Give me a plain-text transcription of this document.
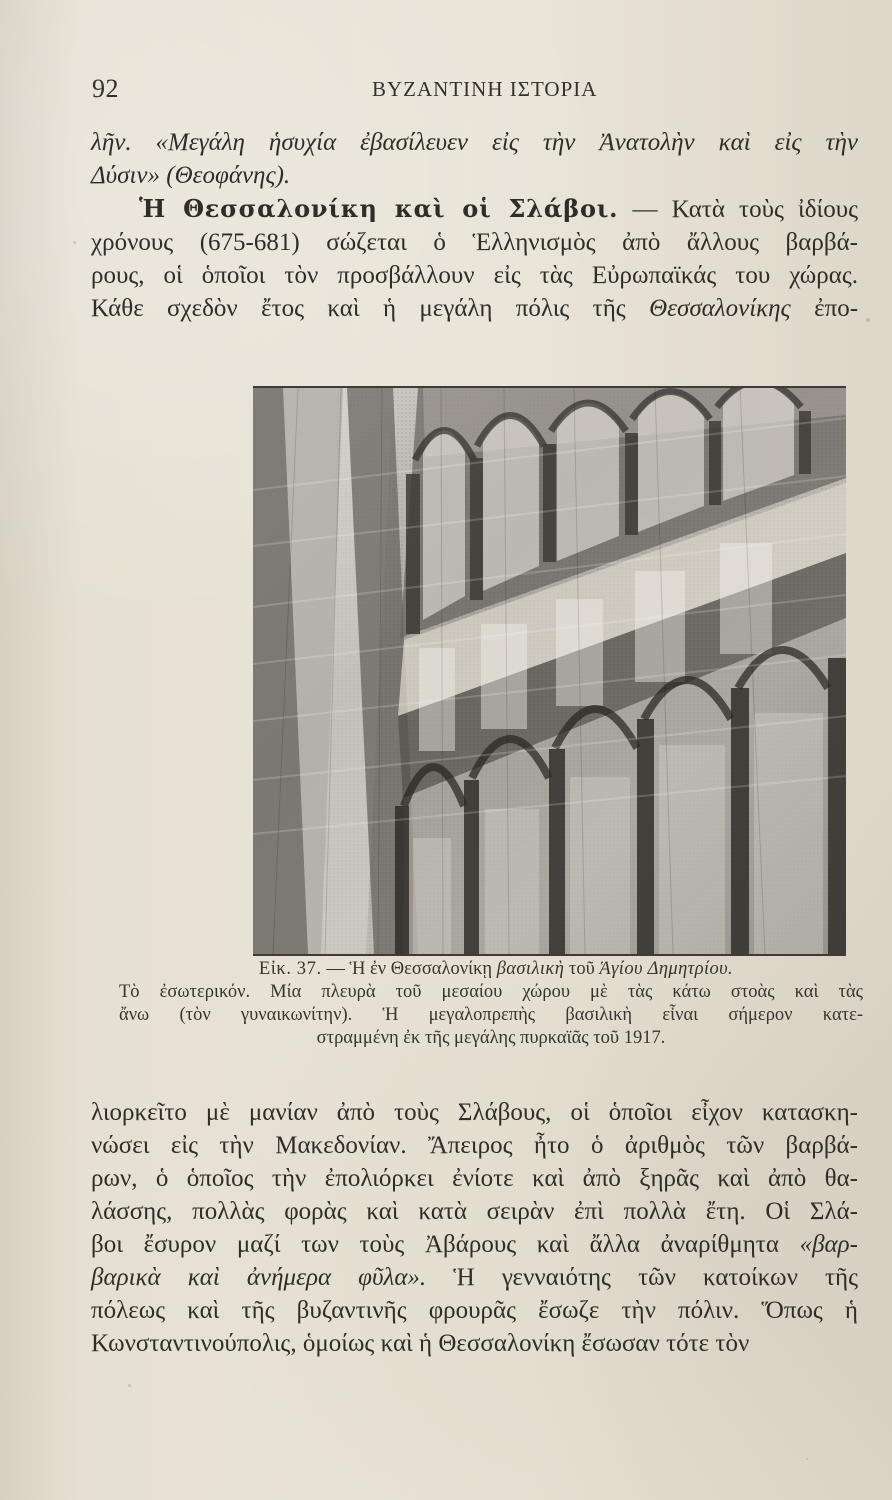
92	ΒΥΖΑΝΤΙΝΗ ΙΣΤΟΡΙΑ

λῆν. «Μεγάλη ἡσυχία ἐβασίλευεν εἰς τὴν Ἀνατολὴν καὶ εἰς τὴν

Δύσιν» (Θεοφάνης).

Ἡ Θεσσαλονίκη καὶ οἱ Σλάβοι. — Κατὰ τοὺς ἰδίους

χρόνους (675-681) σώζεται ὁ Ἑλληνισμὸς ἀπὸ ἄλλους βαρβά-

ρους, οἱ ὁποῖοι τὸν προσβάλλουν εἰς τὰς Εὐρωπαϊκάς του χώρας.

Κάθε σχεδὸν ἔτος καὶ ἡ μεγάλη πόλις τῆς Θεσσαλονίκης ἐπο-

Εἰκ. 37. — Ἡ ἐν Θεσσαλονίκῃ βασιλικὴ τοῦ Ἁγίου Δημητρίου.
Τὸ ἐσωτερικόν. Μία πλευρὰ τοῦ μεσαίου χώρου μὲ τὰς κάτω στοὰς καὶ τὰς
ἄνω (τὸν γυναικωνίτην). Ἡ μεγαλοπρεπὴς βασιλικὴ εἶναι σήμερον κατε-
στραμμένη ἐκ τῆς μεγάλης πυρκαϊᾶς τοῦ 1917.

λιορκεῖτο μὲ μανίαν ἀπὸ τοὺς Σλάβους, οἱ ὁποῖοι εἶχον κατασκη-

νώσει εἰς τὴν Μακεδονίαν. Ἄπειρος ἦτο ὁ ἀριθμὸς τῶν βαρβά-

ρων, ὁ ὁποῖος τὴν ἐπολιόρκει ἐνίοτε καὶ ἀπὸ ξηρᾶς καὶ ἀπὸ θα-

λάσσης, πολλὰς φορὰς καὶ κατὰ σειρὰν ἐπὶ πολλὰ ἔτη. Οἱ Σλά-

βοι ἔσυρον μαζί των τοὺς Ἀβάρους καὶ ἄλλα ἀναρίθμητα «βαρ-

βαρικὰ καὶ ἀνήμερα φῦλα». Ἡ γενναιότης τῶν κατοίκων τῆς

πόλεως καὶ τῆς βυζαντινῆς φρουρᾶς ἔσωζε τὴν πόλιν. Ὅπως ἡ

Κωνσταντινούπολις, ὁμοίως καὶ ἡ Θεσσαλονίκη ἔσωσαν τότε τὸν
